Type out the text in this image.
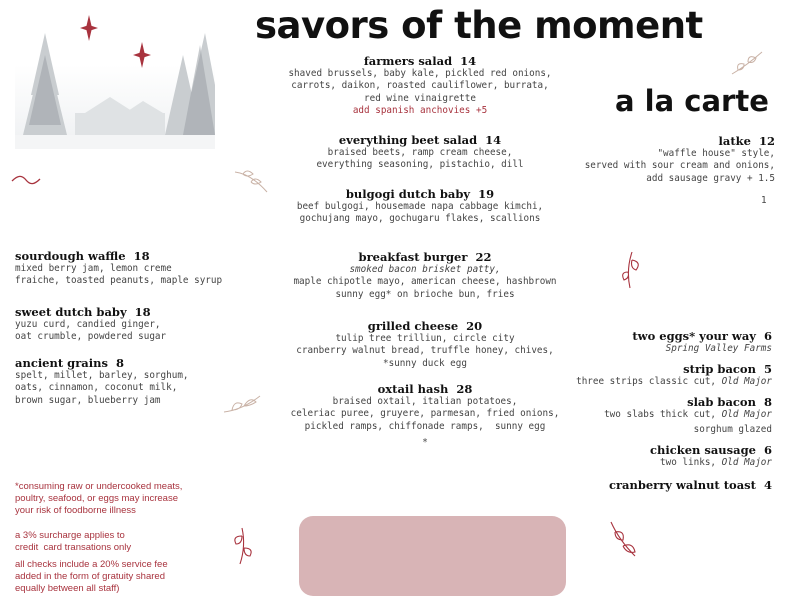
savors of the moment
a la carte
farmers salad 14
shaved brussels, baby kale, pickled red onions,
carrots, daikon, roasted cauliflower, burrata,
red wine vinaigrette
add spanish anchovies +5
everything beet salad 14
braised beets, ramp cream cheese,
everything seasoning, pistachio, dill
bulgogi dutch baby 19
beef bulgogi, housemade napa cabbage kimchi,
gochujang mayo, gochugaru flakes, scallions
breakfast burger 22
smoked bacon brisket patty,
maple chipotle mayo, american cheese, hashbrown
sunny egg* on brioche bun, fries
grilled cheese 20
tulip tree trilliun, circle city
cranberry walnut bread, truffle honey, chives,
*sunny duck egg
oxtail hash 28
braised oxtail, italian potatoes,
celeriac puree, gruyere, parmesan, fried onions,
pickled ramps, chiffonade ramps,  sunny egg
*
sourdough waffle 18
mixed berry jam, lemon creme
fraiche, toasted peanuts, maple syrup
sweet dutch baby 18
yuzu curd, candied ginger,
oat crumble, powdered sugar
ancient grains 8
spelt, millet, barley, sorghum,
oats, cinnamon, coconut milk,
brown sugar, blueberry jam
latke 12
"waffle house" style,
served with sour cream and onions,
add sausage gravy + 1.5
1
two eggs* your way 6
Spring Valley Farms
strip bacon 5
three strips classic cut, Old Major
slab bacon 8
two slabs thick cut, Old Major
sorghum glazed
chicken sausage 6
two links, Old Major
cranberry walnut toast 4
*consuming raw or undercooked meats,
poultry, seafood, or eggs may increase
your risk of foodborne illness
a 3% surcharge applies to
credit  card transations only
all checks include a 20% service fee
added in the form of gratuity shared
equally between all staff)
